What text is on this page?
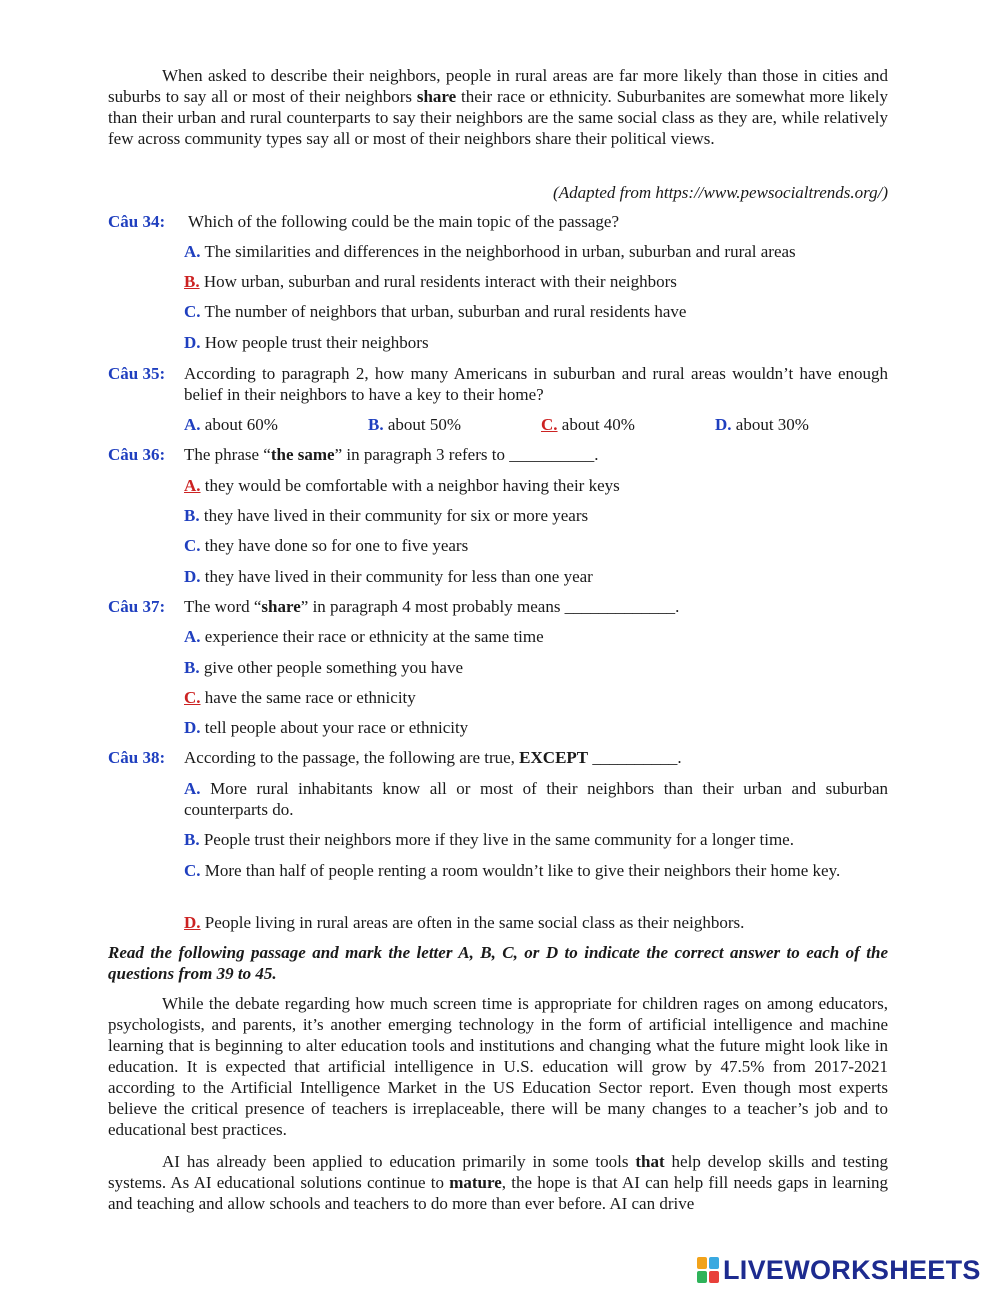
When asked to describe their neighbors, people in rural areas are far more likely than those in cities and suburbs to say all or most of their neighbors share their race or ethnicity. Suburbanites are somewhat more likely than their urban and rural counterparts to say their neighbors are the same social class as they are, while relatively few across community types say all or most of their neighbors share their political views.
(Adapted from https://www.pewsocialtrends.org/)
Câu 34: Which of the following could be the main topic of the passage?
A. The similarities and differences in the neighborhood in urban, suburban and rural areas
B. How urban, suburban and rural residents interact with their neighbors
C. The number of neighbors that urban, suburban and rural residents have
D. How people trust their neighbors
Câu 35: According to paragraph 2, how many Americans in suburban and rural areas wouldn’t have enough belief in their neighbors to have a key to their home?
A. about 60%	B. about 50%	C. about 40%	D. about 30%
Câu 36: The phrase “the same” in paragraph 3 refers to __________.
A. they would be comfortable with a neighbor having their keys
B. they have lived in their community for six or more years
C. they have done so for one to five years
D. they have lived in their community for less than one year
Câu 37: The word “share” in paragraph 4 most probably means _____________.
A. experience their race or ethnicity at the same time
B. give other people something you have
C. have the same race or ethnicity
D. tell people about your race or ethnicity
Câu 38: According to the passage, the following are true, EXCEPT __________.
A. More rural inhabitants know all or most of their neighbors than their urban and suburban counterparts do.
B. People trust their neighbors more if they live in the same community for a longer time.
C. More than half of people renting a room wouldn’t like to give their neighbors their home key.
D. People living in rural areas are often in the same social class as their neighbors.
Read the following passage and mark the letter A, B, C, or D to indicate the correct answer to each of the questions from 39 to 45.
While the debate regarding how much screen time is appropriate for children rages on among educators, psychologists, and parents, it’s another emerging technology in the form of artificial intelligence and machine learning that is beginning to alter education tools and institutions and changing what the future might look like in education. It is expected that artificial intelligence in U.S. education will grow by 47.5% from 2017-2021 according to the Artificial Intelligence Market in the US Education Sector report. Even though most experts believe the critical presence of teachers is irreplaceable, there will be many changes to a teacher’s job and to educational best practices.
AI has already been applied to education primarily in some tools that help develop skills and testing systems. As AI educational solutions continue to mature, the hope is that AI can help fill needs gaps in learning and teaching and allow schools and teachers to do more than ever before. AI can drive
LIVEWORKSHEETS
